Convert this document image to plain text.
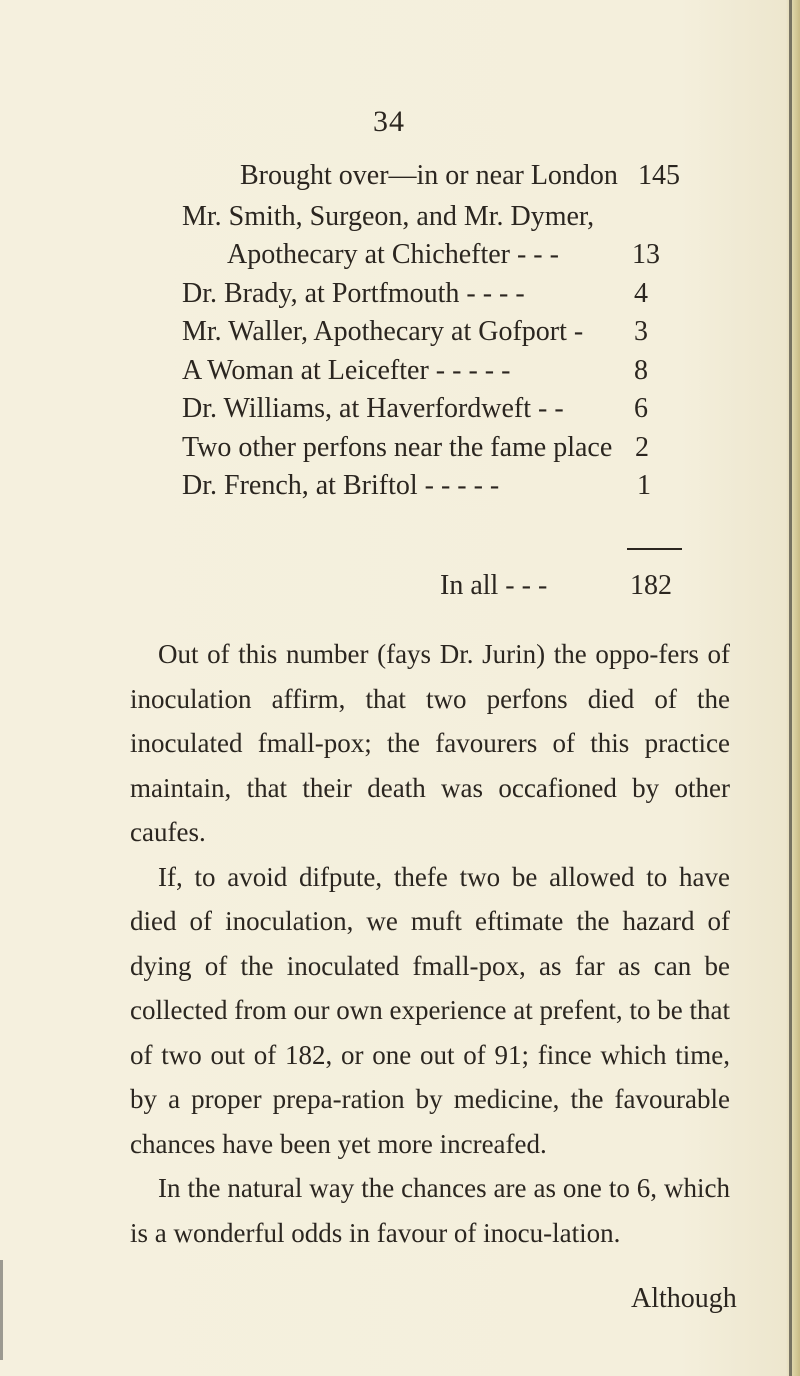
34
Brought over—in or near London 145
Mr. Smith, Surgeon, and Mr. Dymer,
Apothecary at Chichefter - - -	13
Dr. Brady, at Portfmouth - - - -	4
Mr. Waller, Apothecary at Gofport - 3
A Woman at Leicefter - - - - -	8
Dr. Williams, at Haverfordweft - -	6
Two other perfons near the fame place 2
Dr. French, at Briftol - - - - -	1
In all - - -	182

Out of this number (fays Dr. Jurin) the oppo-fers of inoculation affirm, that two perfons died of the inoculated fmall-pox; the favourers of this practice maintain, that their death was occafioned by other caufes.

If, to avoid difpute, thefe two be allowed to have died of inoculation, we muft eftimate the hazard of dying of the inoculated fmall-pox, as far as can be collected from our own experience at prefent, to be that of two out of 182, or one out of 91; fince which time, by a proper prepa-ration by medicine, the favourable chances have been yet more increafed.

In the natural way the chances are as one to 6, which is a wonderful odds in favour of inocu-lation.

Although
